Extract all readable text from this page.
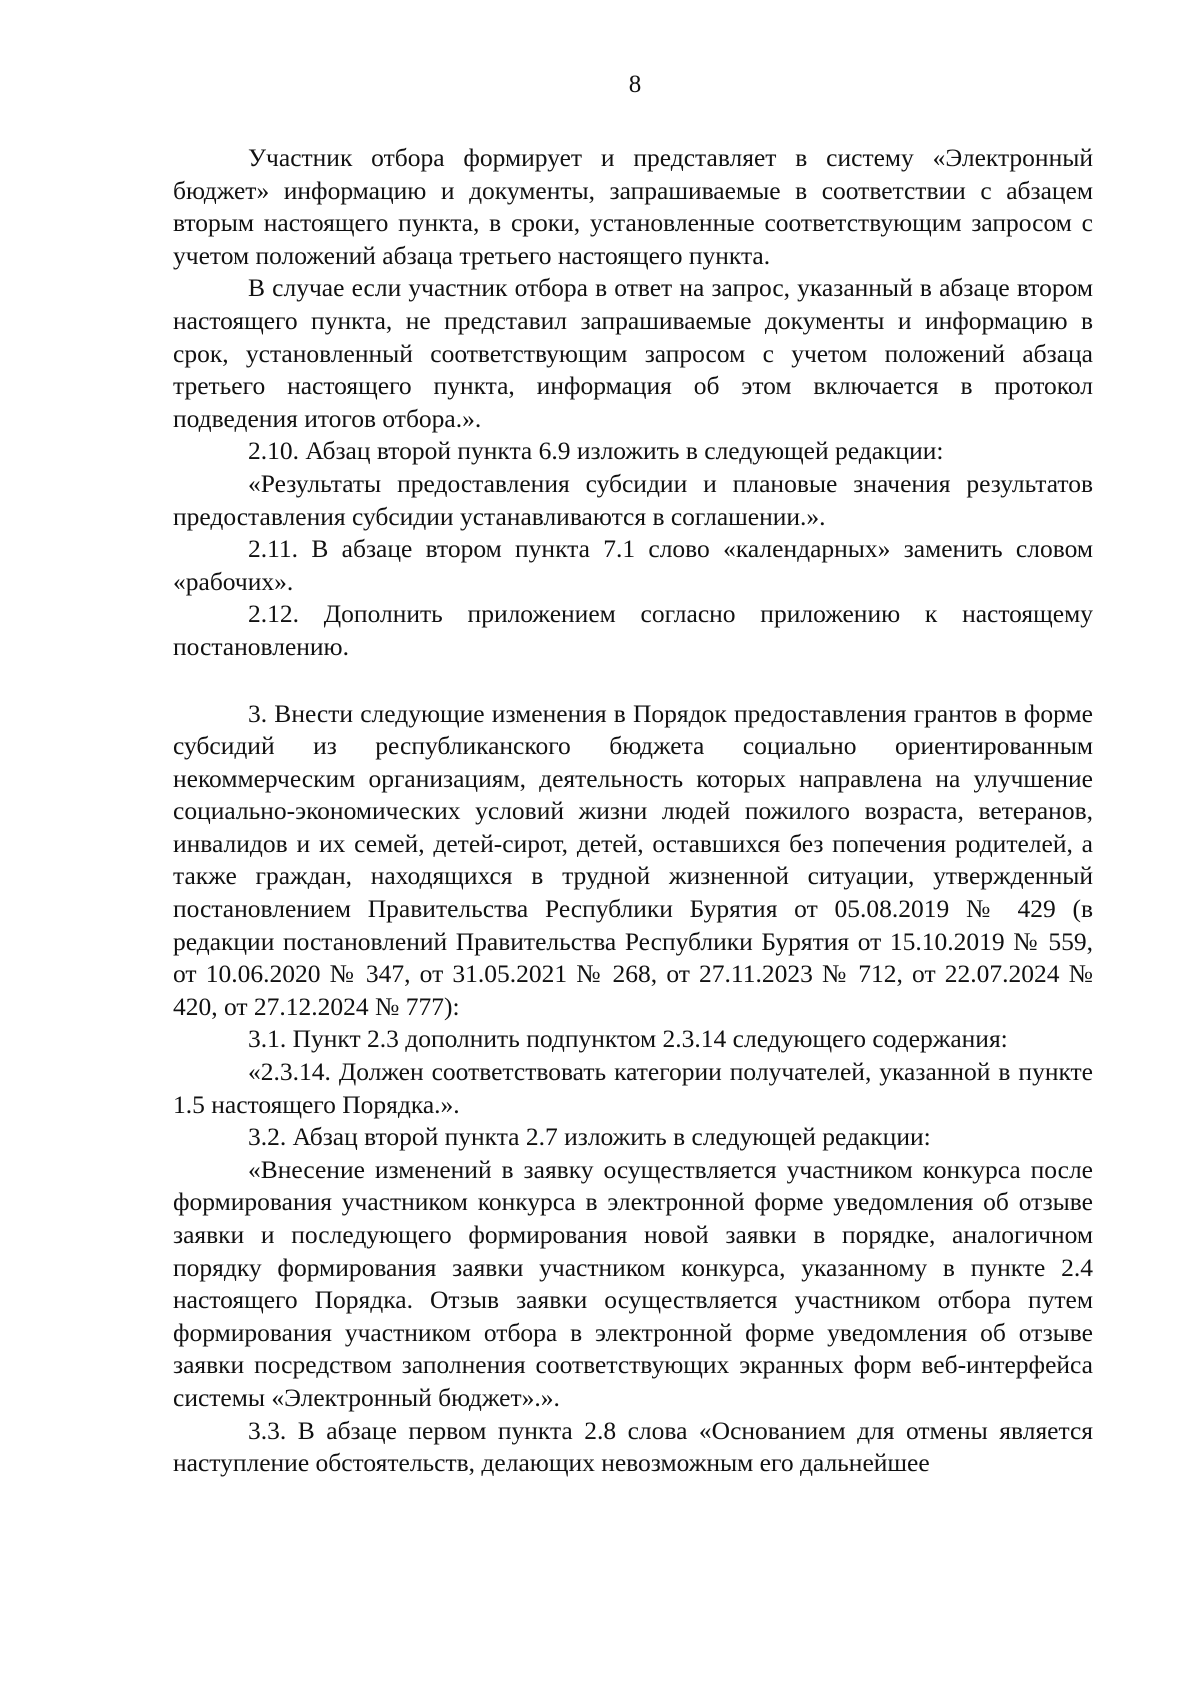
8

Участник отбора формирует и представляет в систему «Электронный бюджет» информацию и документы, запрашиваемые в соответствии с абзацем вторым настоящего пункта, в сроки, установленные соответствующим запросом с учетом положений абзаца третьего настоящего пункта.

В случае если участник отбора в ответ на запрос, указанный в абзаце втором настоящего пункта, не представил запрашиваемые документы и информацию в срок, установленный соответствующим запросом с учетом положений абзаца третьего настоящего пункта, информация об этом включается в протокол подведения итогов отбора.».

2.10. Абзац второй пункта 6.9 изложить в следующей редакции:

«Результаты предоставления субсидии и плановые значения результатов предоставления субсидии устанавливаются в соглашении.».

2.11. В абзаце втором пункта 7.1 слово «календарных» заменить словом «рабочих».

2.12. Дополнить приложением согласно приложению к настоящему постановлению.

3. Внести следующие изменения в Порядок предоставления грантов в форме субсидий из республиканского бюджета социально ориентированным некоммерческим организациям, деятельность которых направлена на улучшение социально-экономических условий жизни людей пожилого возраста, ветеранов, инвалидов и их семей, детей-сирот, детей, оставшихся без попечения родителей, а также граждан, находящихся в трудной жизненной ситуации, утвержденный постановлением Правительства Республики Бурятия от 05.08.2019 № 429 (в редакции постановлений Правительства Республики Бурятия от 15.10.2019 № 559, от 10.06.2020 № 347, от 31.05.2021 № 268, от 27.11.2023 № 712, от 22.07.2024 № 420, от 27.12.2024 № 777):

3.1. Пункт 2.3 дополнить подпунктом 2.3.14 следующего содержания:

«2.3.14. Должен соответствовать категории получателей, указанной в пункте 1.5 настоящего Порядка.».

3.2. Абзац второй пункта 2.7 изложить в следующей редакции:

«Внесение изменений в заявку осуществляется участником конкурса после формирования участником конкурса в электронной форме уведомления об отзыве заявки и последующего формирования новой заявки в порядке, аналогичном порядку формирования заявки участником конкурса, указанному в пункте 2.4 настоящего Порядка. Отзыв заявки осуществляется участником отбора путем формирования участником отбора в электронной форме уведомления об отзыве заявки посредством заполнения соответствующих экранных форм веб-интерфейса системы «Электронный бюджет».».

3.3. В абзаце первом пункта 2.8 слова «Основанием для отмены является наступление обстоятельств, делающих невозможным его дальнейшее
